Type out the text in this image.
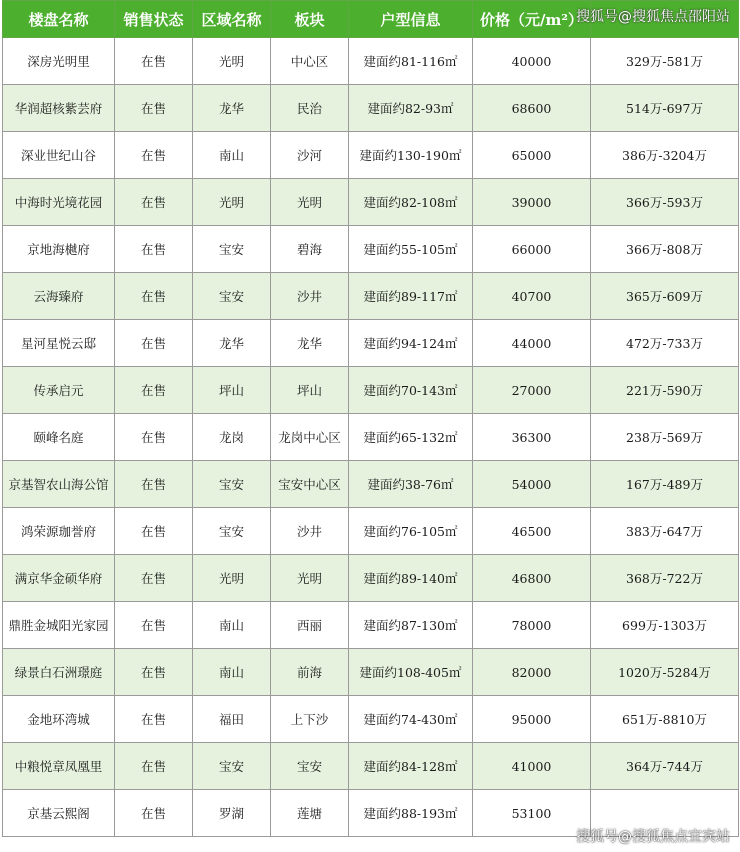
楼盘名称	销售状态	区域名称	板块	户型信息	价格（元/m²）	
深房光明里	在售	光明	中心区	建面约81-116㎡	40000	329万-581万
华润超核紫芸府	在售	龙华	民治	建面约82-93㎡	68600	514万-697万
深业世纪山谷	在售	南山	沙河	建面约130-190㎡	65000	386万-3204万
中海时光境花园	在售	光明	光明	建面约82-108㎡	39000	366万-593万
京地海樾府	在售	宝安	碧海	建面约55-105㎡	66000	366万-808万
云海臻府	在售	宝安	沙井	建面约89-117㎡	40700	365万-609万
星河星悦云邸	在售	龙华	龙华	建面约94-124㎡	44000	472万-733万
传承启元	在售	坪山	坪山	建面约70-143㎡	27000	221万-590万
颐峰名庭	在售	龙岗	龙岗中心区	建面约65-132㎡	36300	238万-569万
京基智农山海公馆	在售	宝安	宝安中心区	建面约38-76㎡	54000	167万-489万
鸿荣源珈誉府	在售	宝安	沙井	建面约76-105㎡	46500	383万-647万
满京华金硕华府	在售	光明	光明	建面约89-140㎡	46800	368万-722万
鼎胜金城阳光家园	在售	南山	西丽	建面约87-130㎡	78000	699万-1303万
绿景白石洲璟庭	在售	南山	前海	建面约108-405㎡	82000	1020万-5284万
金地环湾城	在售	福田	上下沙	建面约74-430㎡	95000	651万-8810万
中粮悦章凤凰里	在售	宝安	宝安	建面约84-128㎡	41000	364万-744万
京基云熙阁	在售	罗湖	莲塘	建面约88-193㎡	53100	
搜狐号@搜狐焦点邵阳站
搜狐号@搜狐焦点宜宾站
